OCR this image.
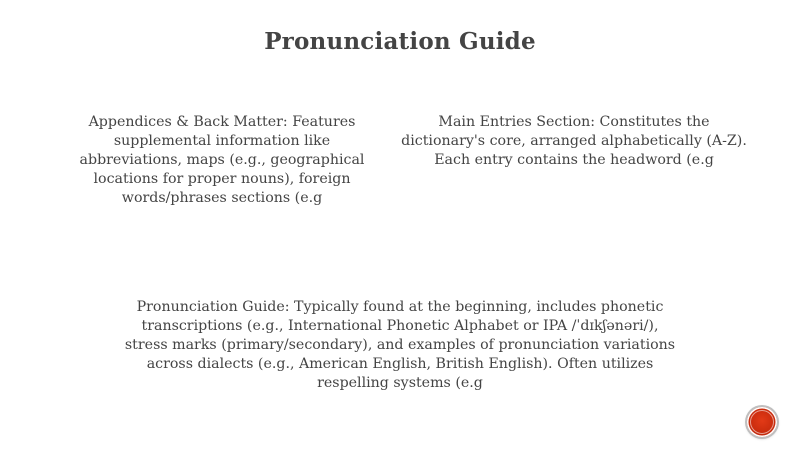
Pronunciation Guide
Appendices & Back Matter: Features supplemental information like abbreviations, maps (e.g., geographical locations for proper nouns), foreign words/phrases sections (e.g
Main Entries Section: Constitutes the dictionary's core, arranged alphabetically (A-Z). Each entry contains the headword (e.g
Pronunciation Guide: Typically found at the beginning, includes phonetic transcriptions (e.g., International Phonetic Alphabet or IPA /ˈdɪkʃənəri/), stress marks (primary/secondary), and examples of pronunciation variations across dialects (e.g., American English, British English). Often utilizes respelling systems (e.g
